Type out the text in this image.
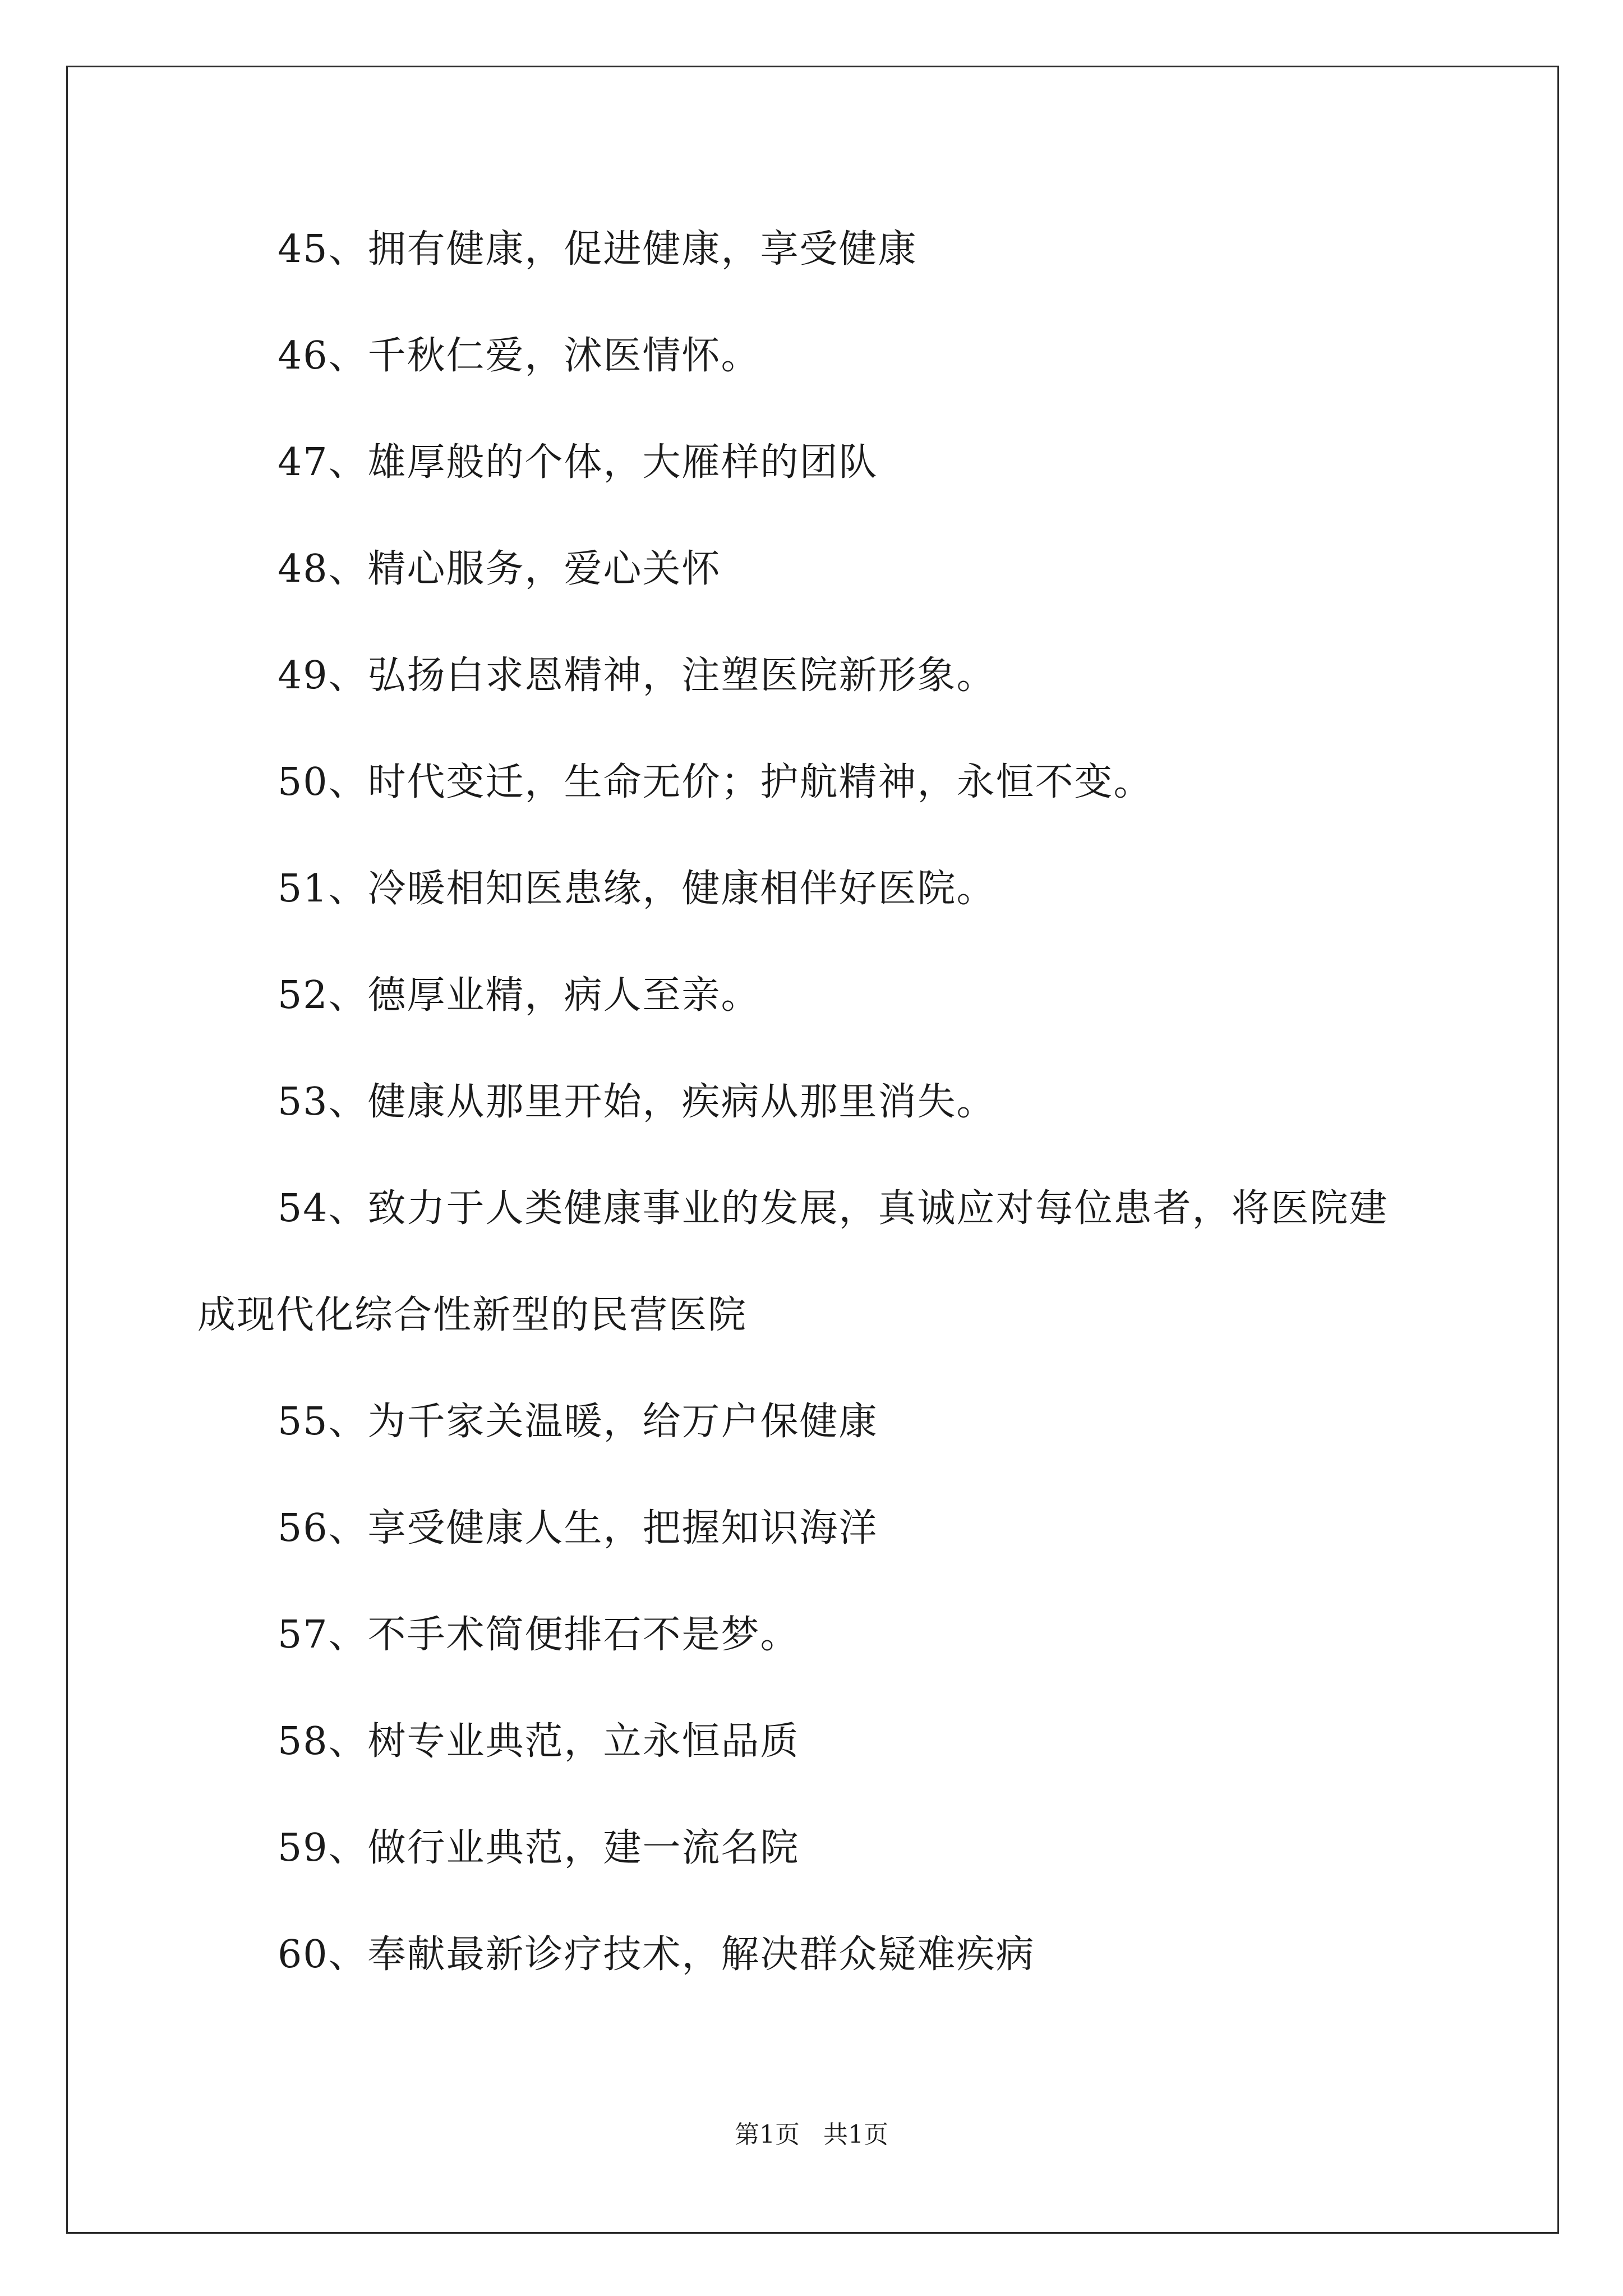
45、拥有健康，促进健康，享受健康
46、千秋仁爱，沭医情怀。
47、雄厚般的个体，大雁样的团队
48、精心服务，爱心关怀
49、弘扬白求恩精神，注塑医院新形象。
50、时代变迁，生命无价；护航精神，永恒不变。
51、冷暖相知医患缘，健康相伴好医院。
52、德厚业精，病人至亲。
53、健康从那里开始，疾病从那里消失。
54、致力于人类健康事业的发展，真诚应对每位患者，将医院建
成现代化综合性新型的民营医院
55、为千家关温暖，给万户保健康
56、享受健康人生，把握知识海洋
57、不手术简便排石不是梦。
58、树专业典范，立永恒品质
59、做行业典范，建一流名院
60、奉献最新诊疗技术，解决群众疑难疾病
第1页   共1页
